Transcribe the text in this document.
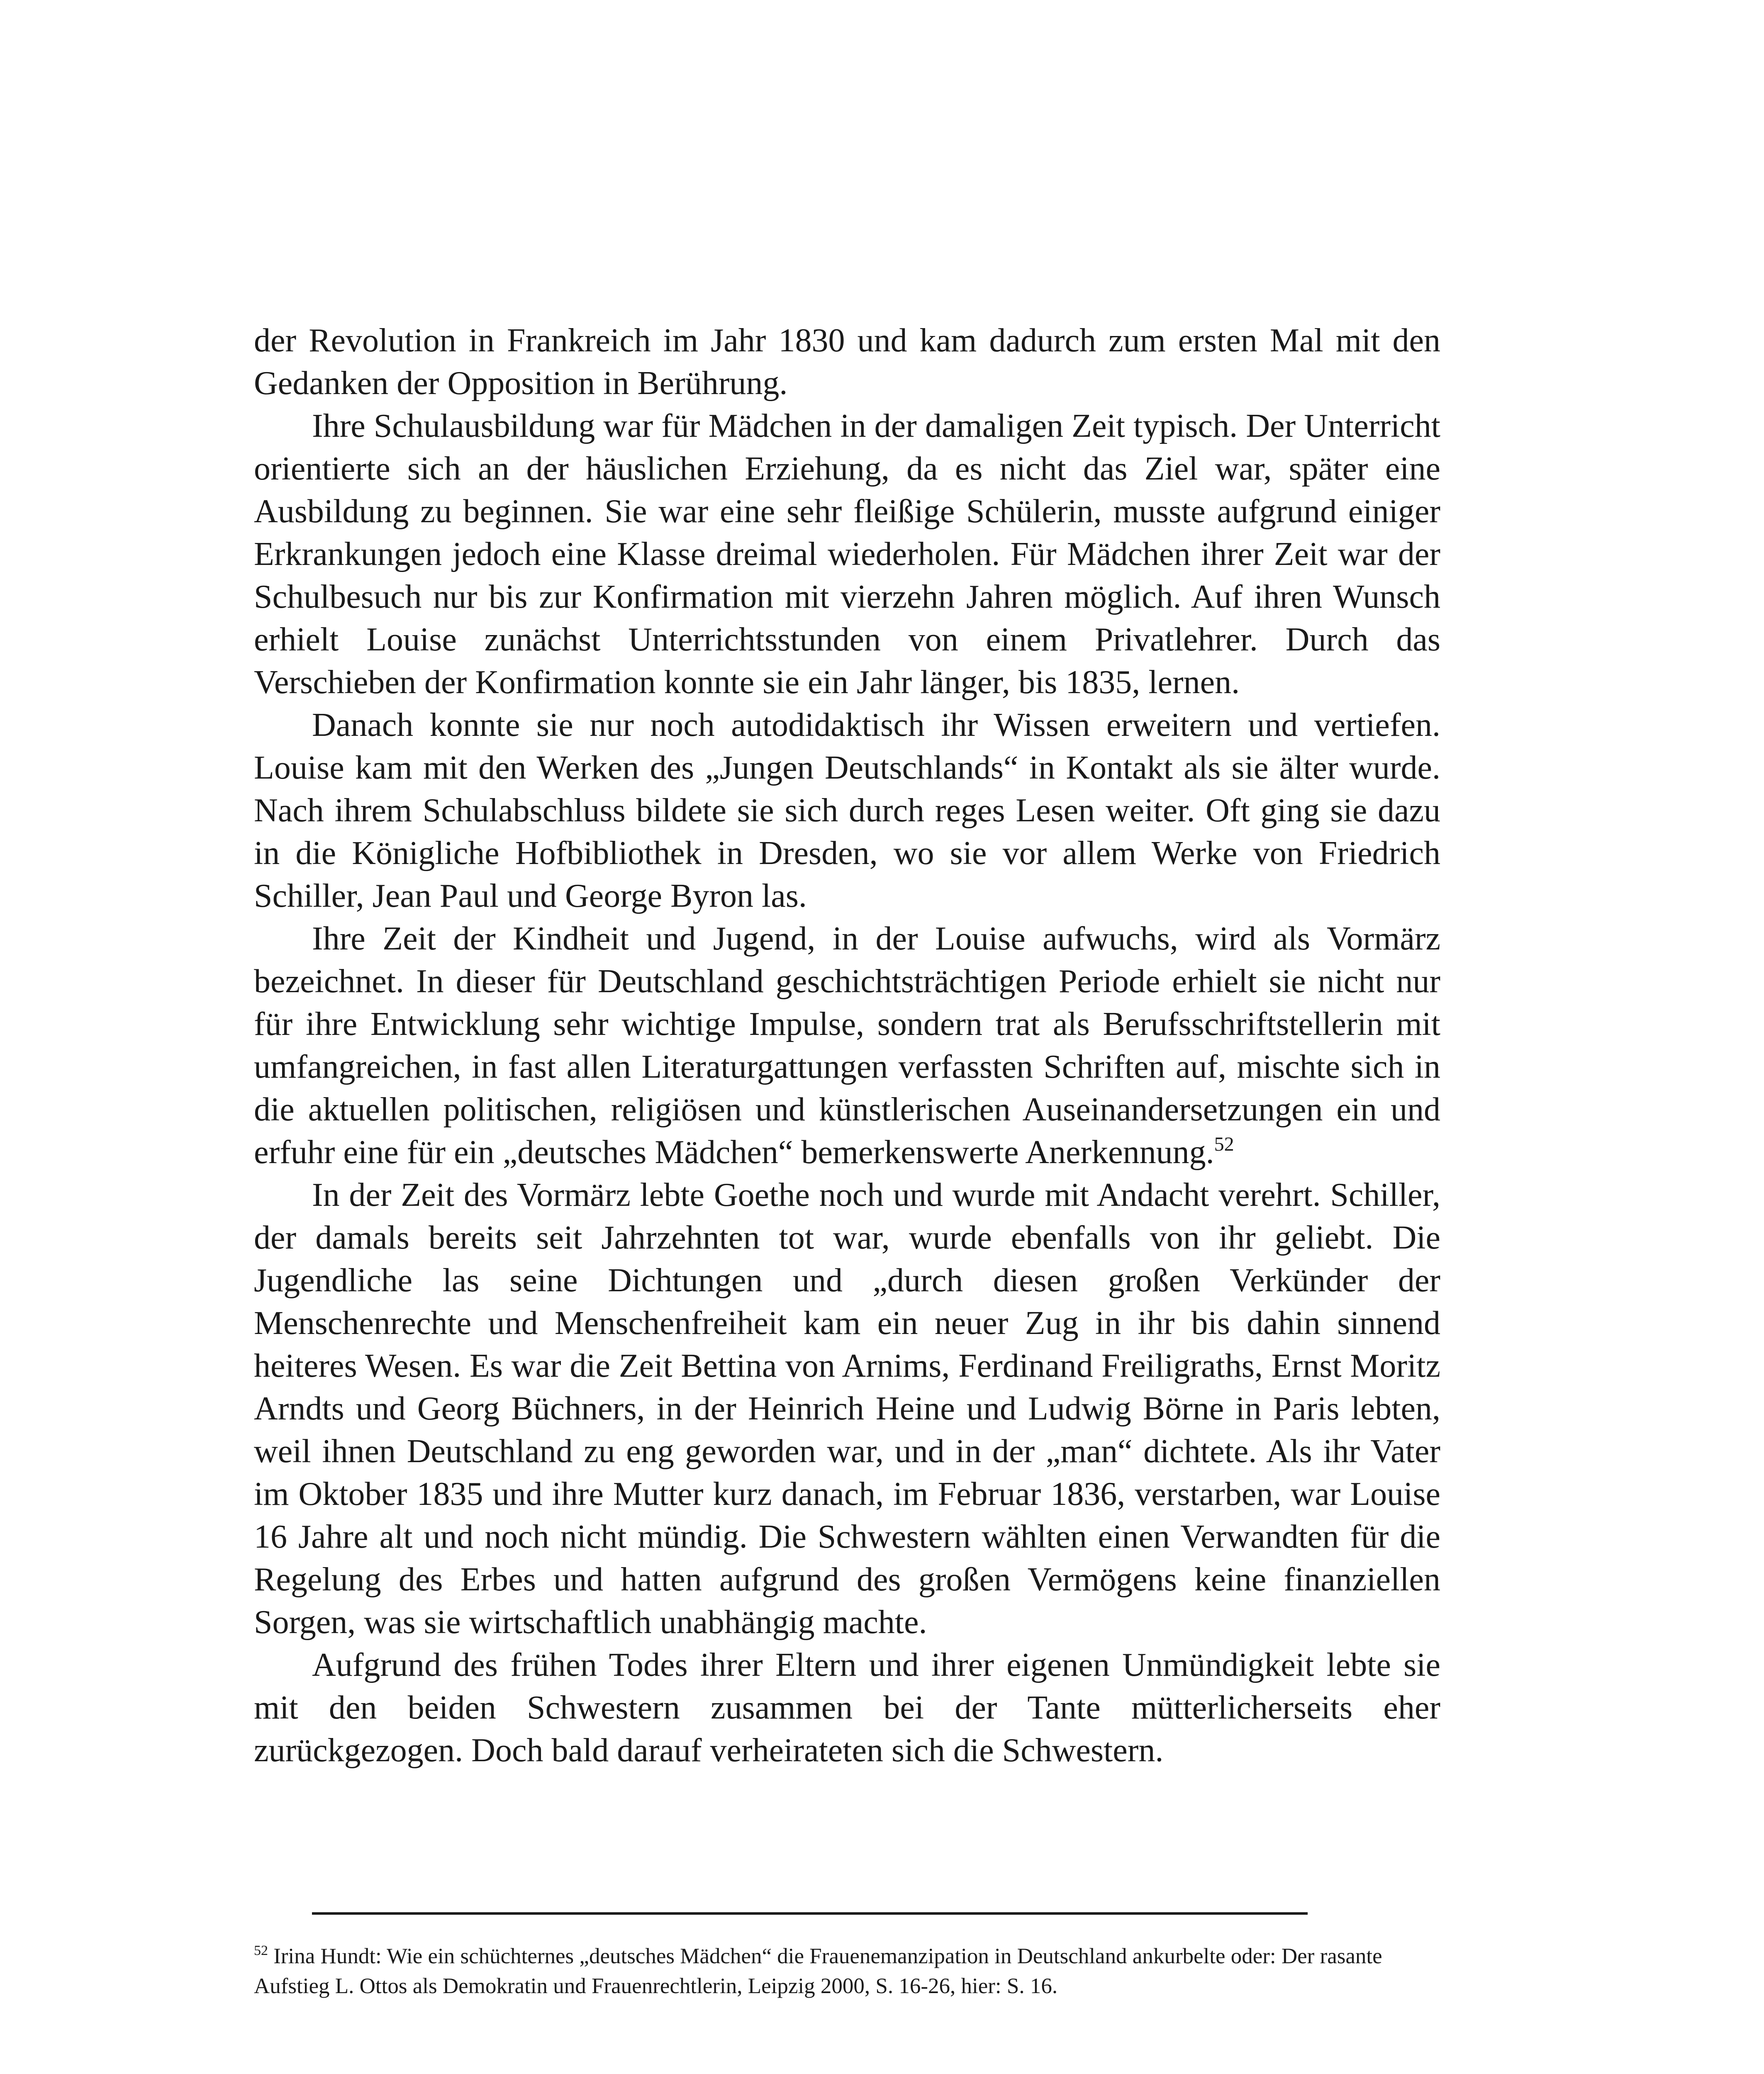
der Revolution in Frankreich im Jahr 1830 und kam dadurch zum ersten Mal mit den Gedanken der Opposition in Berührung.

Ihre Schulausbildung war für Mädchen in der damaligen Zeit typisch. Der Unterricht orientierte sich an der häuslichen Erziehung, da es nicht das Ziel war, später eine Ausbildung zu beginnen. Sie war eine sehr fleißige Schülerin, musste aufgrund einiger Erkrankungen jedoch eine Klasse dreimal wiederholen. Für Mädchen ihrer Zeit war der Schulbesuch nur bis zur Konfirmation mit vierzehn Jahren möglich. Auf ihren Wunsch erhielt Louise zunächst Unterrichtsstunden von einem Privatlehrer. Durch das Verschieben der Konfirmation konnte sie ein Jahr länger, bis 1835, lernen.

Danach konnte sie nur noch autodidaktisch ihr Wissen erweitern und vertiefen. Louise kam mit den Werken des „Jungen Deutschlands“ in Kontakt als sie älter wurde. Nach ihrem Schulabschluss bildete sie sich durch reges Lesen weiter. Oft ging sie dazu in die Königliche Hofbibliothek in Dresden, wo sie vor allem Werke von Friedrich Schiller, Jean Paul und George Byron las.

Ihre Zeit der Kindheit und Jugend, in der Louise aufwuchs, wird als Vormärz bezeichnet. In dieser für Deutschland geschichtsträchtigen Periode erhielt sie nicht nur für ihre Entwicklung sehr wichtige Impulse, sondern trat als Berufsschriftstellerin mit umfangreichen, in fast allen Literaturgattungen verfassten Schriften auf, mischte sich in die aktuellen politischen, religiösen und künstlerischen Auseinandersetzungen ein und erfuhr eine für ein „deutsches Mädchen“ bemerkenswerte Anerkennung.$^{52}$

In der Zeit des Vormärz lebte Goethe noch und wurde mit Andacht verehrt. Schiller, der damals bereits seit Jahrzehnten tot war, wurde ebenfalls von ihr geliebt. Die Jugendliche las seine Dichtungen und „durch diesen großen Verkünder der Menschenrechte und Menschenfreiheit kam ein neuer Zug in ihr bis dahin sinnend heiteres Wesen. Es war die Zeit Bettina von Arnims, Ferdinand Freiligraths, Ernst Moritz Arndts und Georg Büchners, in der Heinrich Heine und Ludwig Börne in Paris lebten, weil ihnen Deutschland zu eng geworden war, und in der „man“ dichtete. Als ihr Vater im Oktober 1835 und ihre Mutter kurz danach, im Februar 1836, verstarben, war Louise 16 Jahre alt und noch nicht mündig. Die Schwestern wählten einen Verwandten für die Regelung des Erbes und hatten aufgrund des großen Vermögens keine finanziellen Sorgen, was sie wirtschaftlich unabhängig machte.

Aufgrund des frühen Todes ihrer Eltern und ihrer eigenen Unmündigkeit lebte sie mit den beiden Schwestern zusammen bei der Tante mütterlicherseits eher zurückgezogen. Doch bald darauf verheirateten sich die Schwestern.

$^{52}$ Irina Hundt: Wie ein schüchternes „deutsches Mädchen“ die Frauenemanzipation in Deutschland ankurbelte oder: Der rasante Aufstieg L. Ottos als Demokratin und Frauenrechtlerin, Leipzig 2000, S. 16-26, hier: S. 16.
